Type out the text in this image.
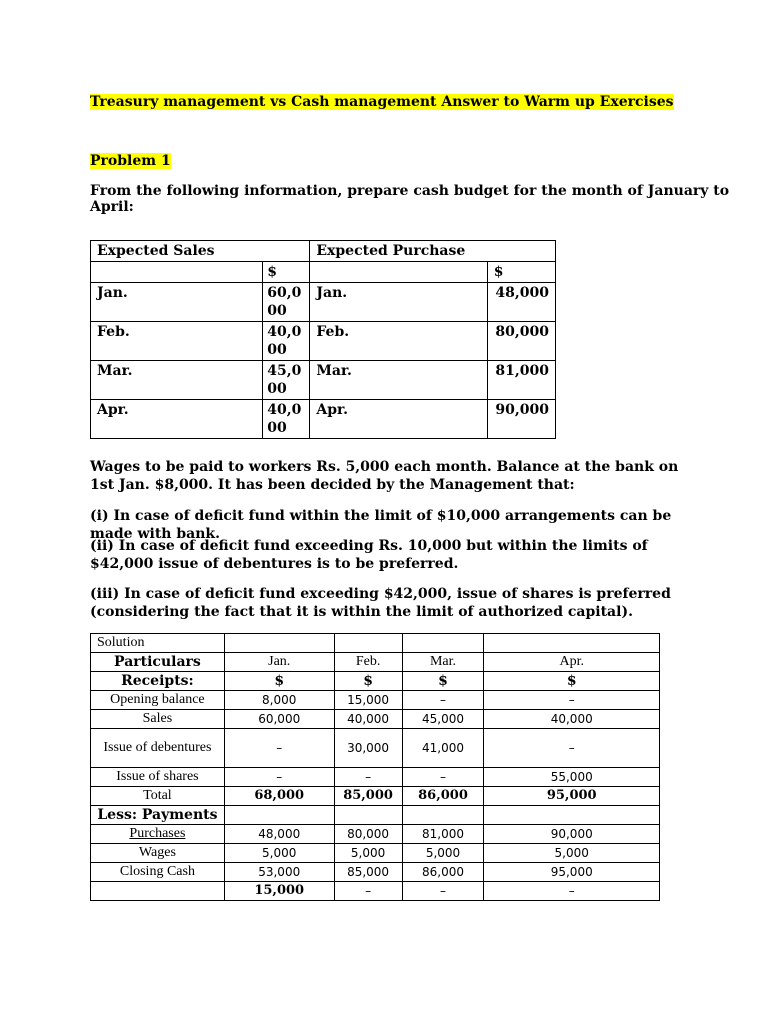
Treasury management vs Cash management Answer to Warm up Exercises
Problem 1
From the following information, prepare cash budget for the month of January to April:
Expected Sales		Expected Purchase	
	$		$
Jan.	60,000	Jan.	48,000
Feb.	40,000	Feb.	80,000
Mar.	45,000	Mar.	81,000
Apr.	40,000	Apr.	90,000
Wages to be paid to workers Rs. 5,000 each month. Balance at the bank on 1st Jan. $8,000. It has been decided by the Management that:
(i) In case of deficit fund within the limit of $10,000 arrangements can be made with bank.
(ii) In case of deficit fund exceeding Rs. 10,000 but within the limits of $42,000 issue of debentures is to be preferred.
(iii) In case of deficit fund exceeding $42,000, issue of shares is preferred (considering the fact that it is within the limit of authorized capital).
Solution				
Particulars	Jan.	Feb.	Mar.	Apr.
Receipts:	$	$	$	$
Opening balance	8,000	15,000	–	–
Sales	60,000	40,000	45,000	40,000
Issue of debentures	–	30,000	41,000	–
Issue of shares	–	–	–	55,000
Total	68,000	85,000	86,000	95,000
Less: Payments				
Purchases	48,000	80,000	81,000	90,000
Wages	5,000	5,000	5,000	5,000
Closing Cash	53,000	85,000	86,000	95,000
	15,000	–	–	–
